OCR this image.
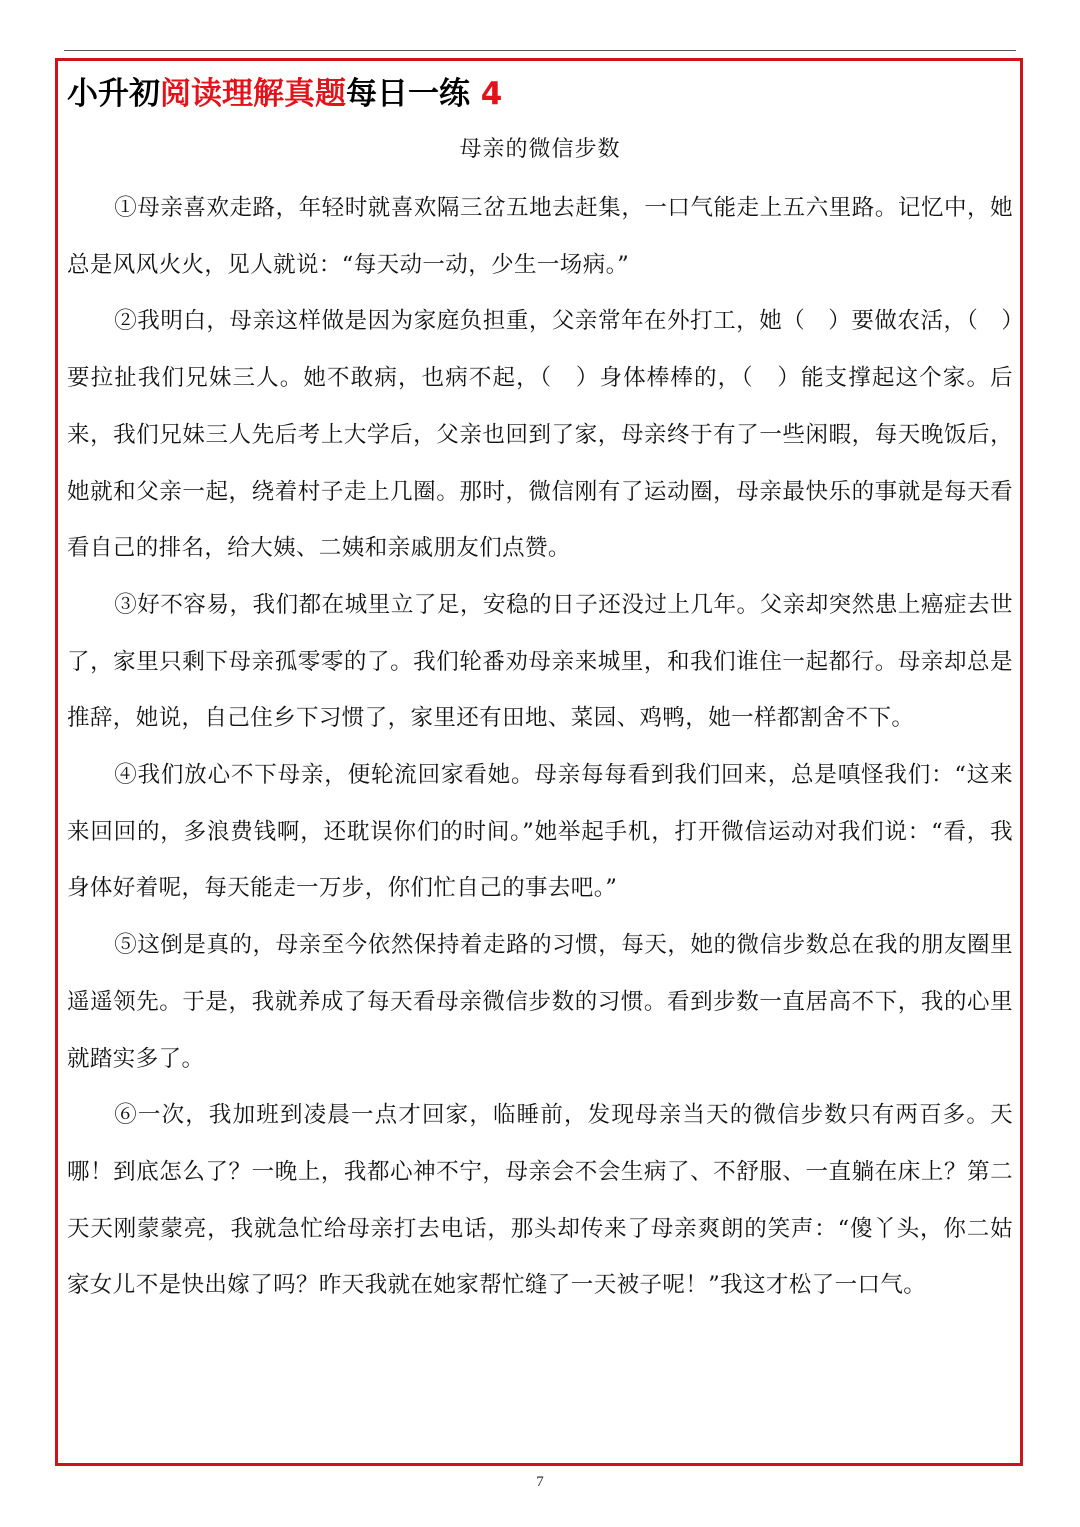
小升初阅读理解真题每日一练 4
母亲的微信步数

①母亲喜欢走路，年轻时就喜欢隔三岔五地去赶集，一口气能走上五六里路。记忆中，她总是风风火火，见人就说：“每天动一动，少生一场病。”

②我明白，母亲这样做是因为家庭负担重，父亲常年在外打工，她（　）要做农活，（　）要拉扯我们兄妹三人。她不敢病，也病不起，（　）身体棒棒的，（　）能支撑起这个家。后来，我们兄妹三人先后考上大学后，父亲也回到了家，母亲终于有了一些闲暇，每天晚饭后，她就和父亲一起，绕着村子走上几圈。那时，微信刚有了运动圈，母亲最快乐的事就是每天看看自己的排名，给大姨、二姨和亲戚朋友们点赞。

③好不容易，我们都在城里立了足，安稳的日子还没过上几年。父亲却突然患上癌症去世了，家里只剩下母亲孤零零的了。我们轮番劝母亲来城里，和我们谁住一起都行。母亲却总是推辞，她说，自己住乡下习惯了，家里还有田地、菜园、鸡鸭，她一样都割舍不下。

④我们放心不下母亲，便轮流回家看她。母亲每每看到我们回来，总是嗔怪我们：“这来来回回的，多浪费钱啊，还耽误你们的时间。”她举起手机，打开微信运动对我们说：“看，我身体好着呢，每天能走一万步，你们忙自己的事去吧。”

⑤这倒是真的，母亲至今依然保持着走路的习惯，每天，她的微信步数总在我的朋友圈里遥遥领先。于是，我就养成了每天看母亲微信步数的习惯。看到步数一直居高不下，我的心里就踏实多了。

⑥一次，我加班到凌晨一点才回家，临睡前，发现母亲当天的微信步数只有两百多。天哪！到底怎么了？一晚上，我都心神不宁，母亲会不会生病了、不舒服、一直躺在床上？第二天天刚蒙蒙亮，我就急忙给母亲打去电话，那头却传来了母亲爽朗的笑声：“傻丫头，你二姑家女儿不是快出嫁了吗？昨天我就在她家帮忙缝了一天被子呢！”我这才松了一口气。

7
